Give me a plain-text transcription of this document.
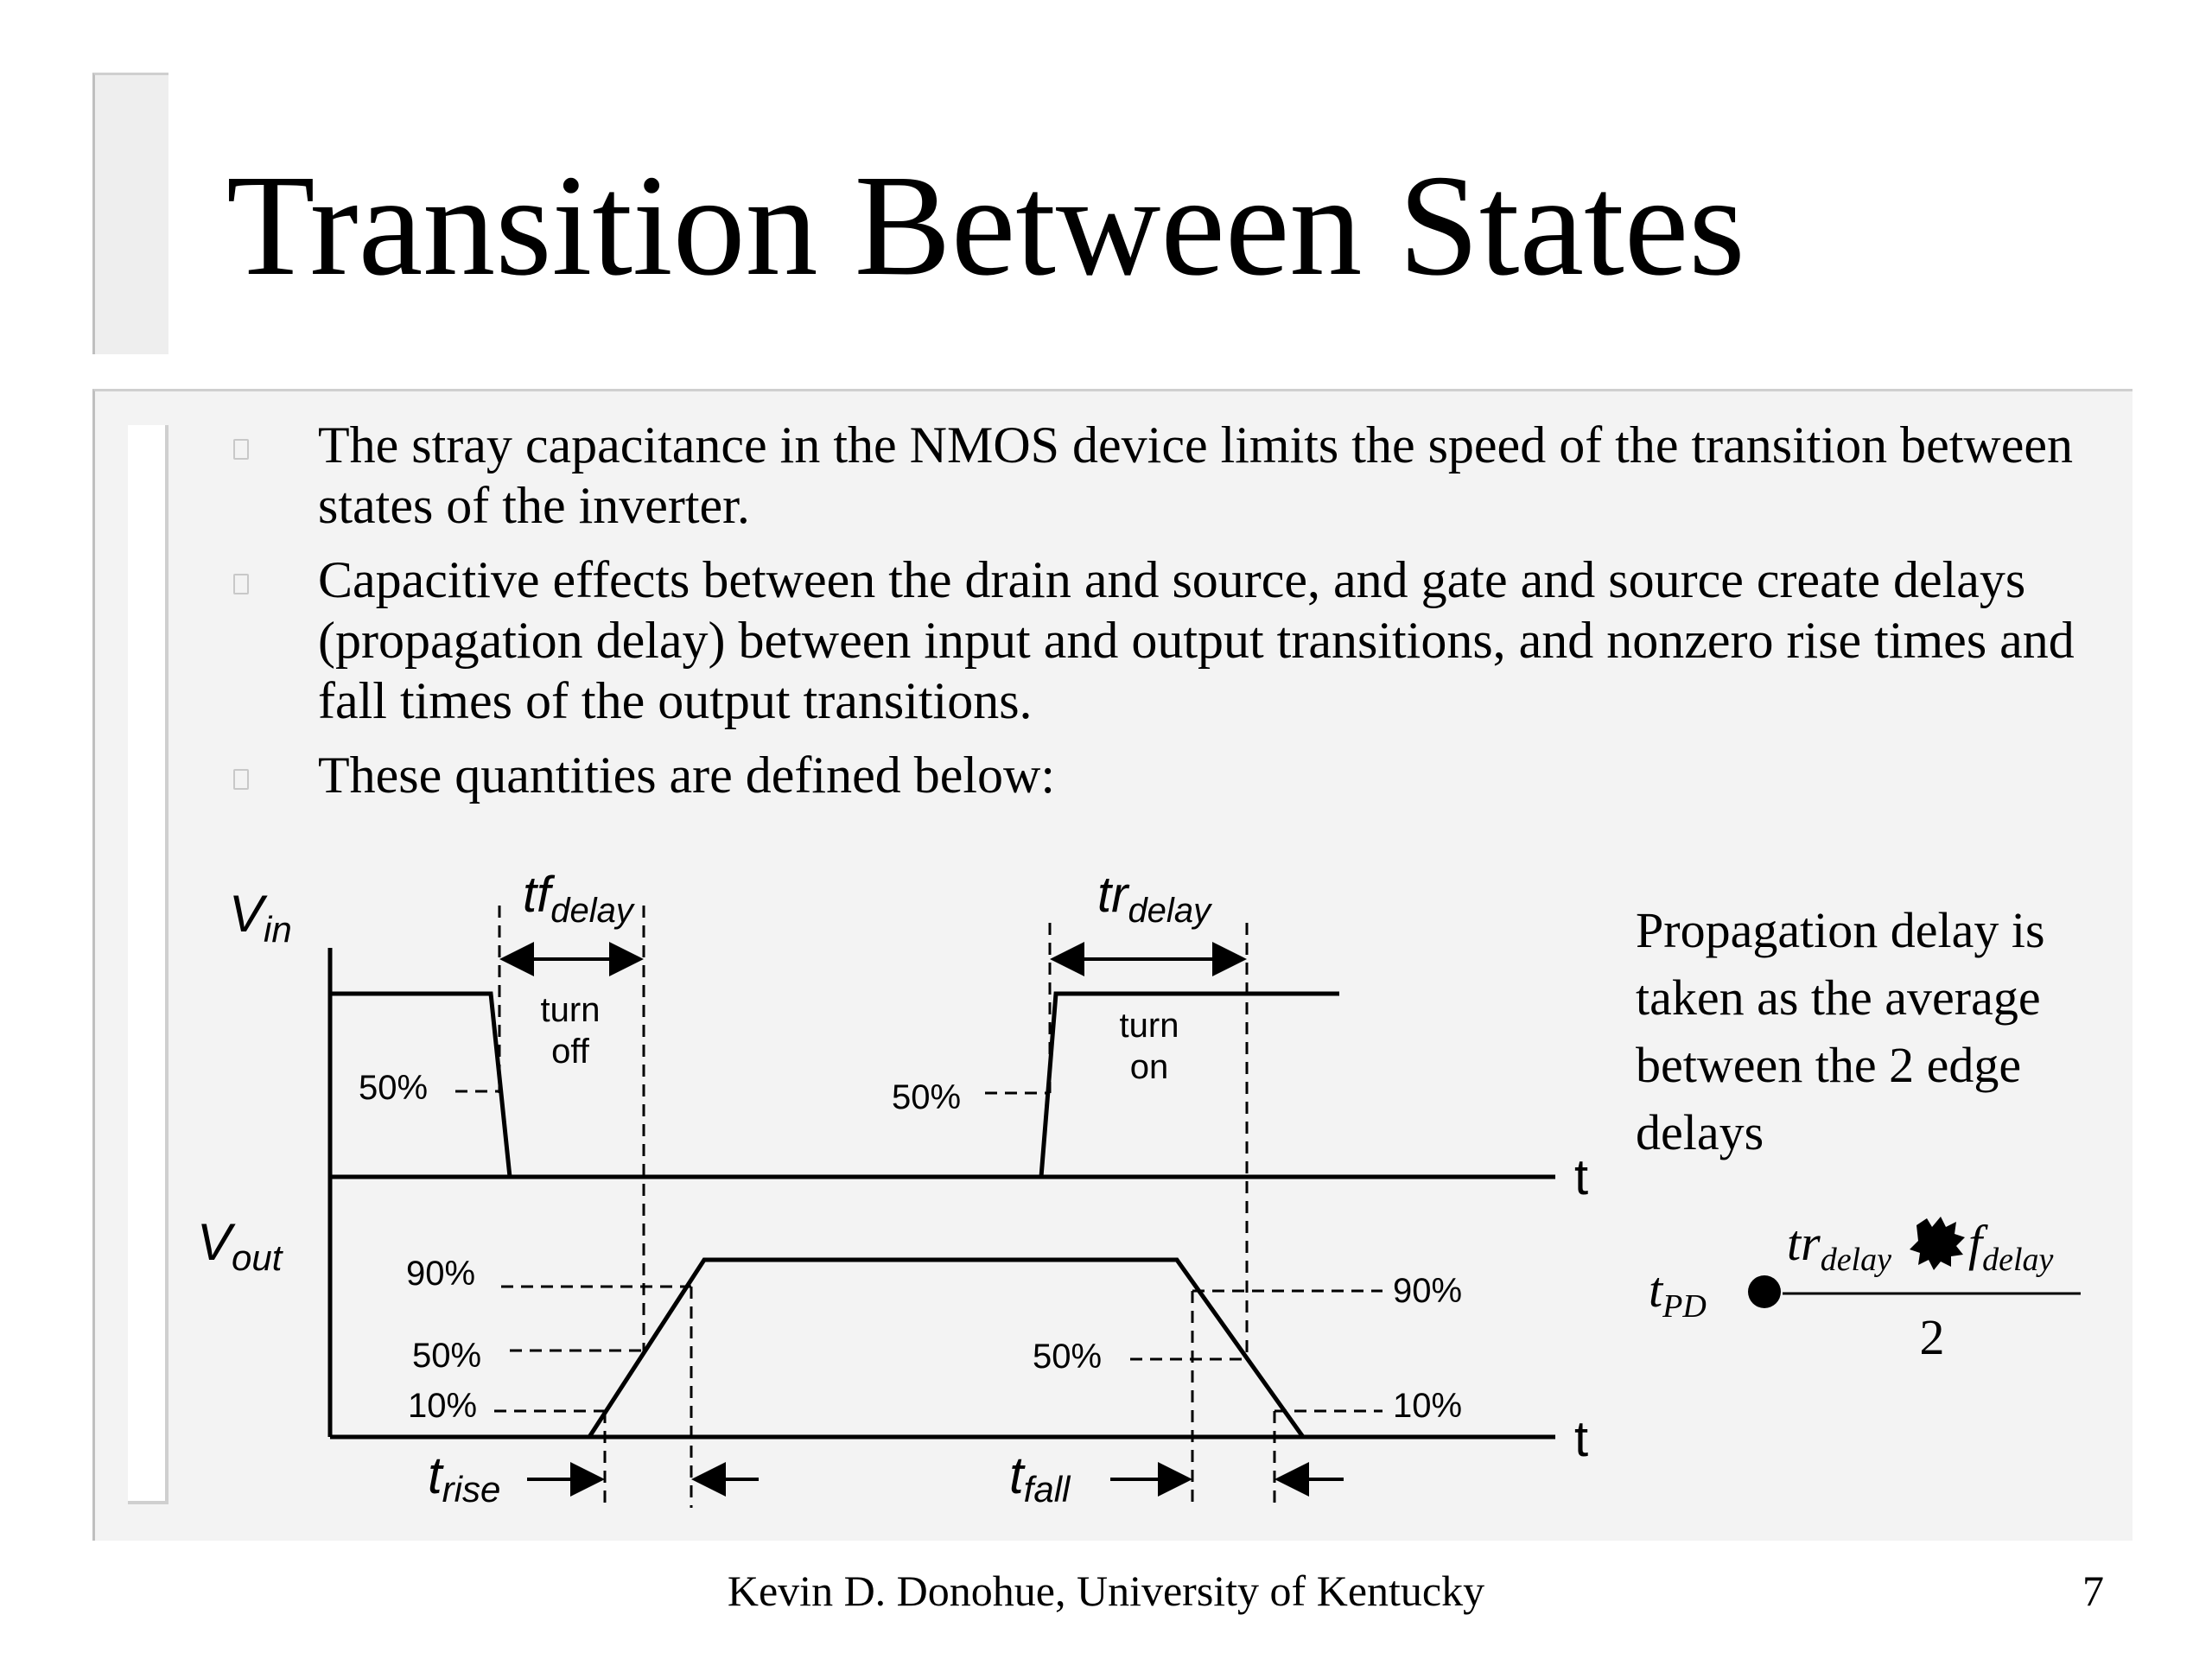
Transition Between States
The stray capacitance in the NMOS device limits the speed of the transition between states of the inverter.
Capacitive effects between the drain and source, and gate and source create delays (propagation delay) between input and output transitions, and nonzero rise times and fall times of the output transitions.
These quantities are defined below:
$V_{in}$
$V_{out}$
t
t
$tf_{delay}$	$tr_{delay}$
turn
off
turn
on
50%	50%
90%
50%
10%
50%
90%
10%
trise	tfall
$t_{PD}$
$tr_{delay}$ $f_{delay}$
2

Propagation delay is taken as the average between the 2 edge delays

Kevin D. Donohue, University of Kentucky	7
